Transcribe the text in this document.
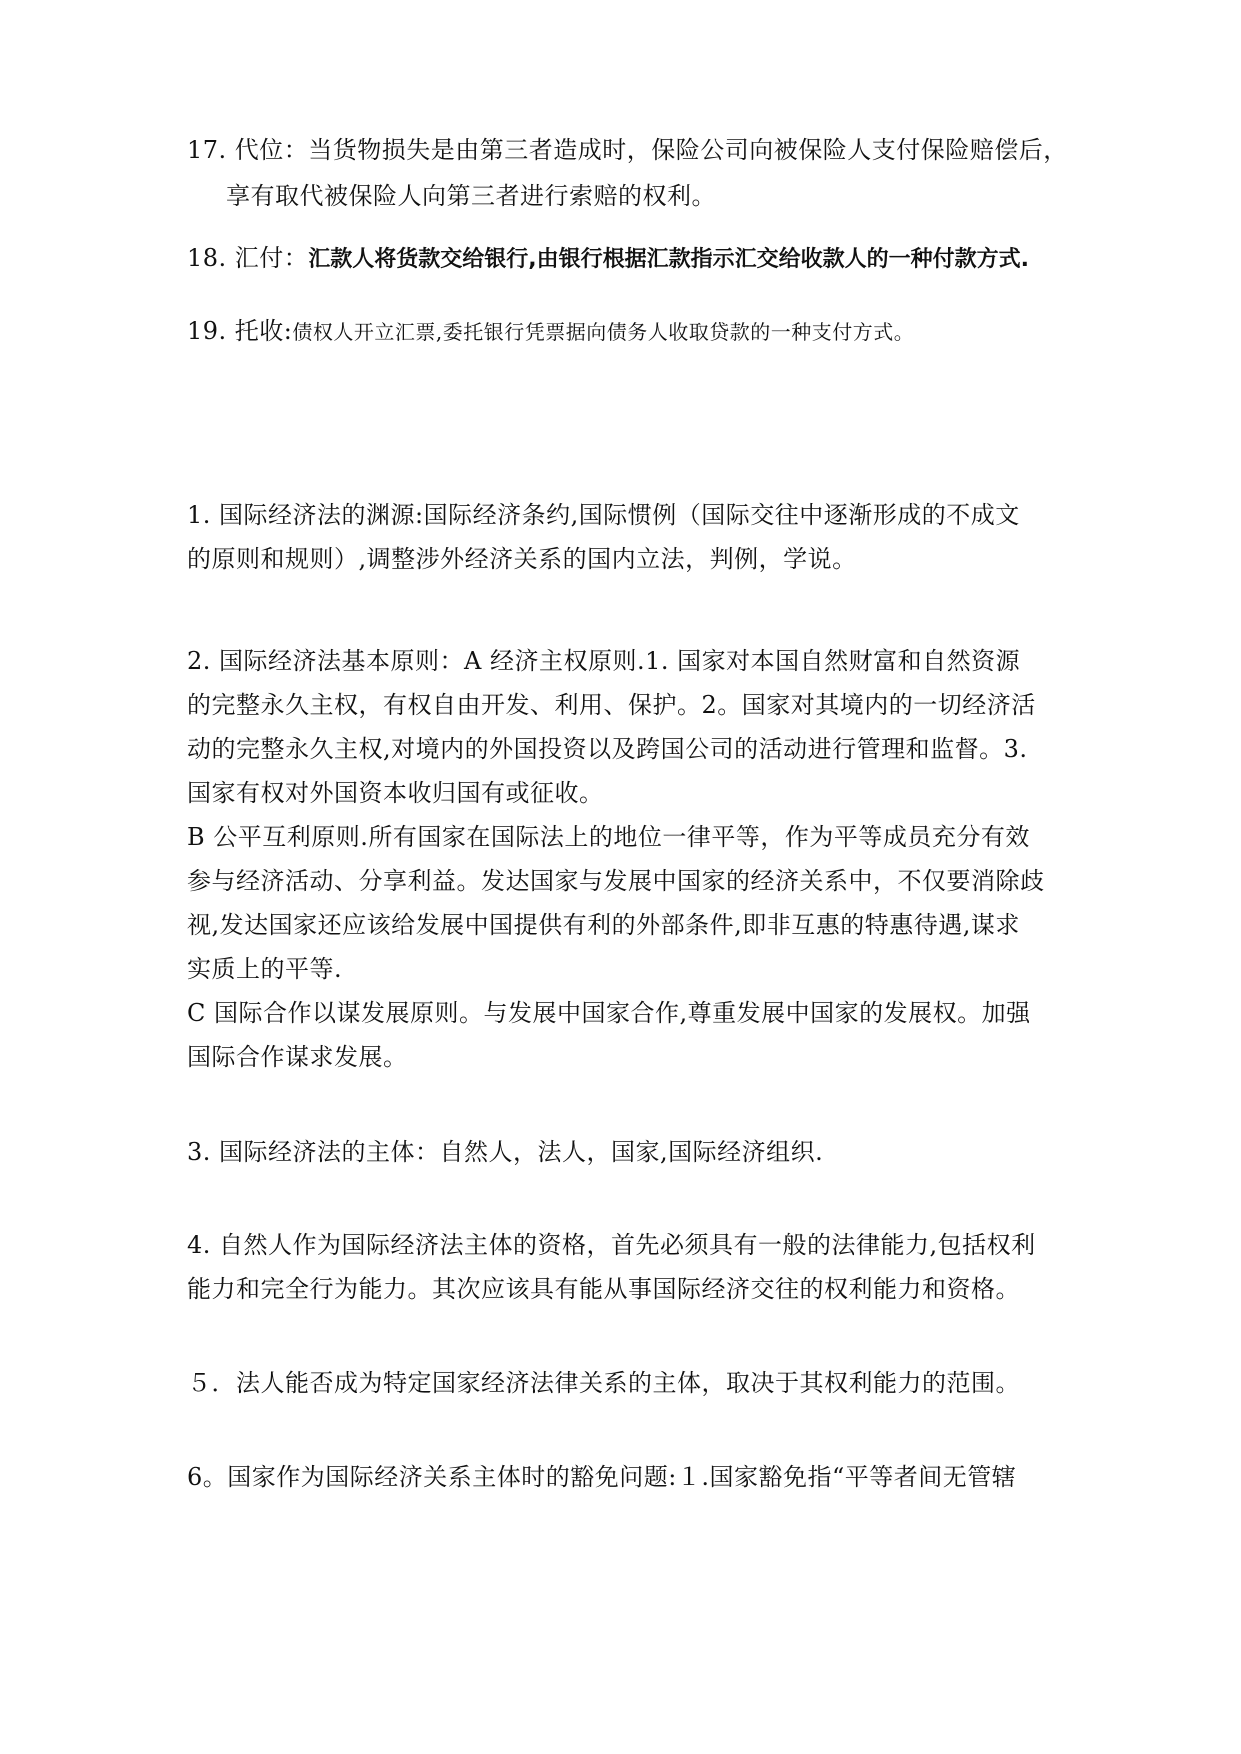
17. 代位：当货物损失是由第三者造成时，保险公司向被保险人支付保险赔偿后，
享有取代被保险人向第三者进行索赔的权利。
18. 汇付：汇款人将货款交给银行,由银行根据汇款指示汇交给收款人的一种付款方式.
19. 托收:债权人开立汇票,委托银行凭票据向债务人收取贷款的一种支付方式。
1. 国际经济法的渊源:国际经济条约,国际惯例（国际交往中逐渐形成的不成文
的原则和规则）,调整涉外经济关系的国内立法，判例，学说。
2. 国际经济法基本原则：A 经济主权原则.1. 国家对本国自然财富和自然资源
的完整永久主权，有权自由开发、利用、保护。2。国家对其境内的一切经济活
动的完整永久主权,对境内的外国投资以及跨国公司的活动进行管理和监督。3.
国家有权对外国资本收归国有或征收。
B 公平互利原则.所有国家在国际法上的地位一律平等，作为平等成员充分有效
参与经济活动、分享利益。发达国家与发展中国家的经济关系中，不仅要消除歧
视,发达国家还应该给发展中国提供有利的外部条件,即非互惠的特惠待遇,谋求
实质上的平等.
C 国际合作以谋发展原则。与发展中国家合作,尊重发展中国家的发展权。加强
国际合作谋求发展。
3. 国际经济法的主体：自然人，法人，国家,国际经济组织.
4. 自然人作为国际经济法主体的资格，首先必须具有一般的法律能力,包括权利
能力和完全行为能力。其次应该具有能从事国际经济交往的权利能力和资格。
５．法人能否成为特定国家经济法律关系的主体，取决于其权利能力的范围。
6。国家作为国际经济关系主体时的豁免问题:１.国家豁免指“平等者间无管辖
